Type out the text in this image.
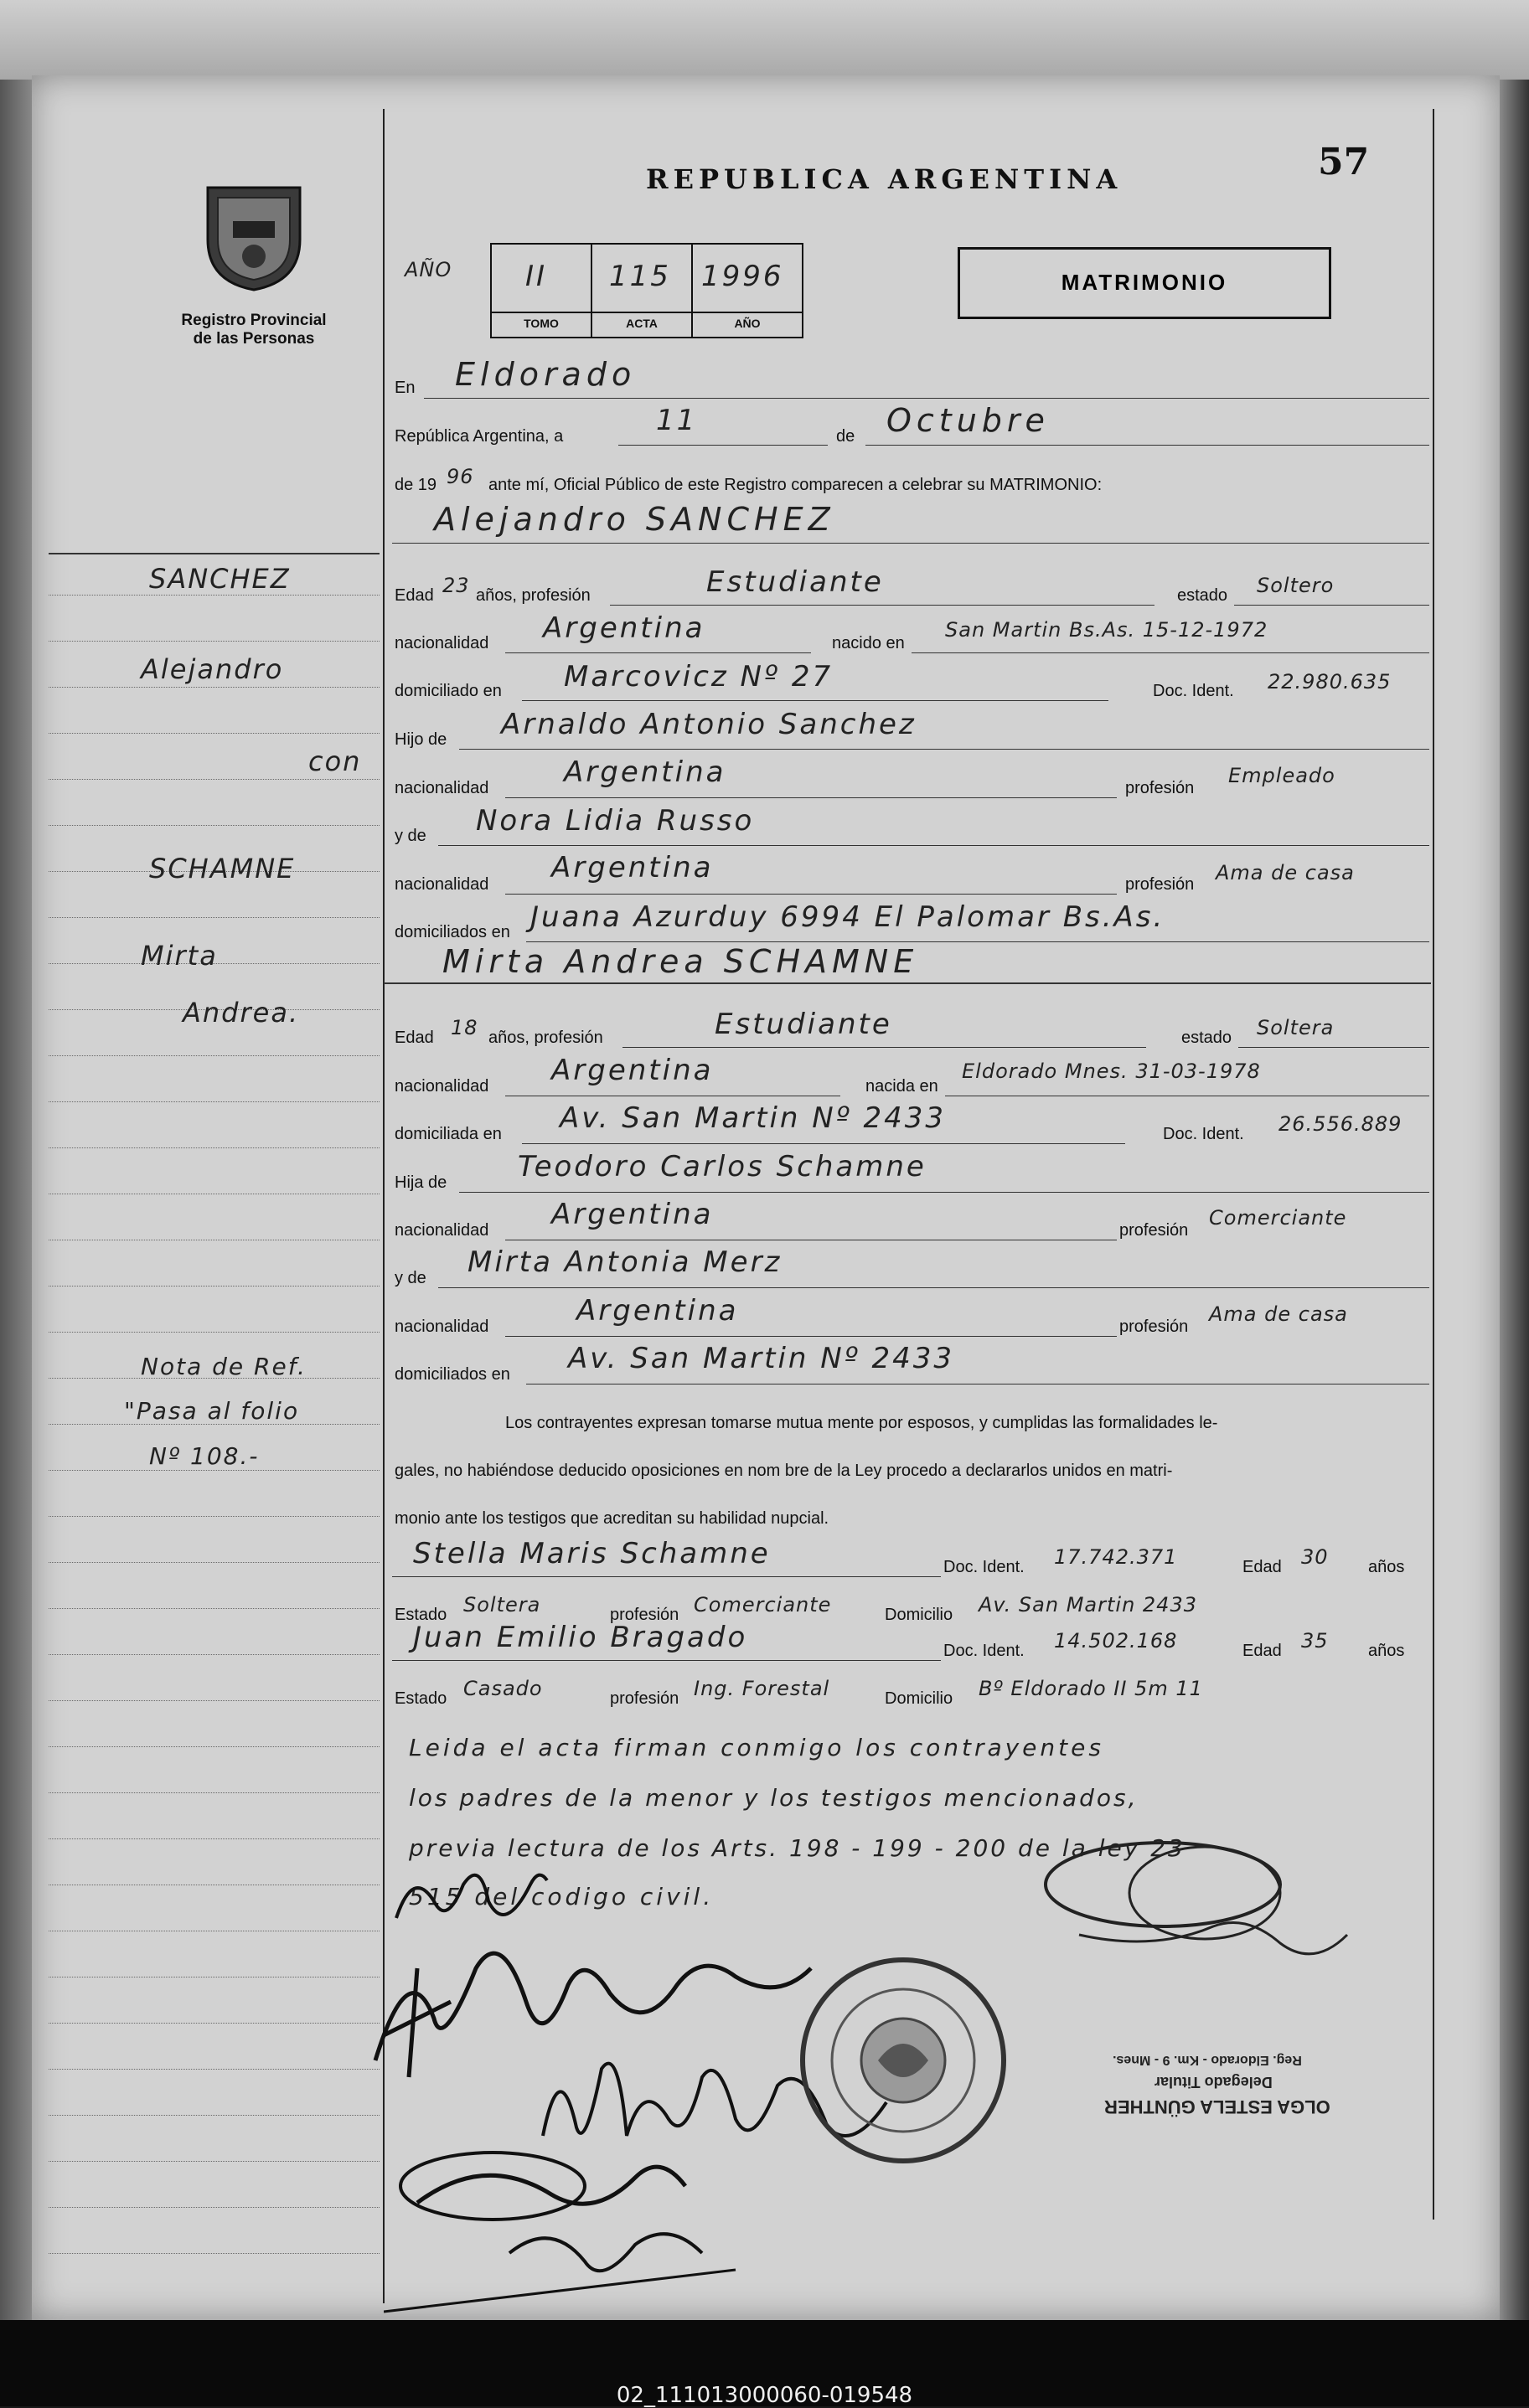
Registro Provincial
de las Personas
REPUBLICA ARGENTINA	57
AÑO	II 115 1996
TOMO	ACTA	AÑO
MATRIMONIO
En Eldorado
República Argentina, a	11	de Octubre
de 19 96 ante mí, Oficial Público de este Registro comparecen a celebrar su MATRIMONIO:
Alejandro SANCHEZ
Edad 23 años, profesión	Estudiante	estado Soltero
nacionalidad Argentina	nacido en
San Martin Bs.As. 15-12-1972
domiciliado en Marcovicz Nº 27	Doc. Ident. 22.980.635
Hijo de Arnaldo Antonio Sanchez
nacionalidad	Argentina	profesión
Empleado
y de Nora Lidia Russo
nacionalidad Argentina	profesión Ama de casa
domiciliados en Juana Azurduy 6994 El Palomar Bs.As.
Mirta Andrea SCHAMNE
Edad 18 años, profesión	Estudiante	estado Soltera
nacionalidad Argentina	nacida en
Eldorado Mnes. 31-03-1978
domiciliada en Av. San Martin Nº 2433	Doc. Ident. 26.556.889
Hija de Teodoro Carlos Schamne
nacionalidad Argentina	profesión
Comerciante
y de Mirta Antonia Merz
nacionalidad	Argentina	profesión
Ama de casa
domiciliados en Av. San Martin Nº 2433
Los contrayentes expresan tomarse mutua mente por esposos, y cumplidas las formalidades le-
gales, no habiéndose deducido oposiciones en nom bre de la Ley procedo a declararlos unidos en matri-
monio ante los testigos que acreditan su habilidad nupcial.
Stella Maris Schamne	Doc. Ident. 17.742.371	Edad 30 años
Estado Soltera	profesión Comerciante	Domicilio Av. San Martin 2433
Juan Emilio Bragado	Doc. Ident. 14.502.168	Edad 35 años
Estado Casado	profesión Ing. Forestal	Domicilio Bº Eldorado II 5m 11
Leida el acta firman conmigo los contrayentes
los padres de la menor y los testigos mencionados,
previa lectura de los Arts. 198 - 199 - 200 de la ley 23
515 del codigo civil.
SANCHEZ
Alejandro
con
SCHAMNE
Mirta
Andrea.
Nota de Ref.
"Pasa al folio
Nº 108.-
Reg. Eldorado - Km. 9 - Mnes.
Delegado Titular
OLGA ESTELA GÜNTHER
02_111013000060-019548
